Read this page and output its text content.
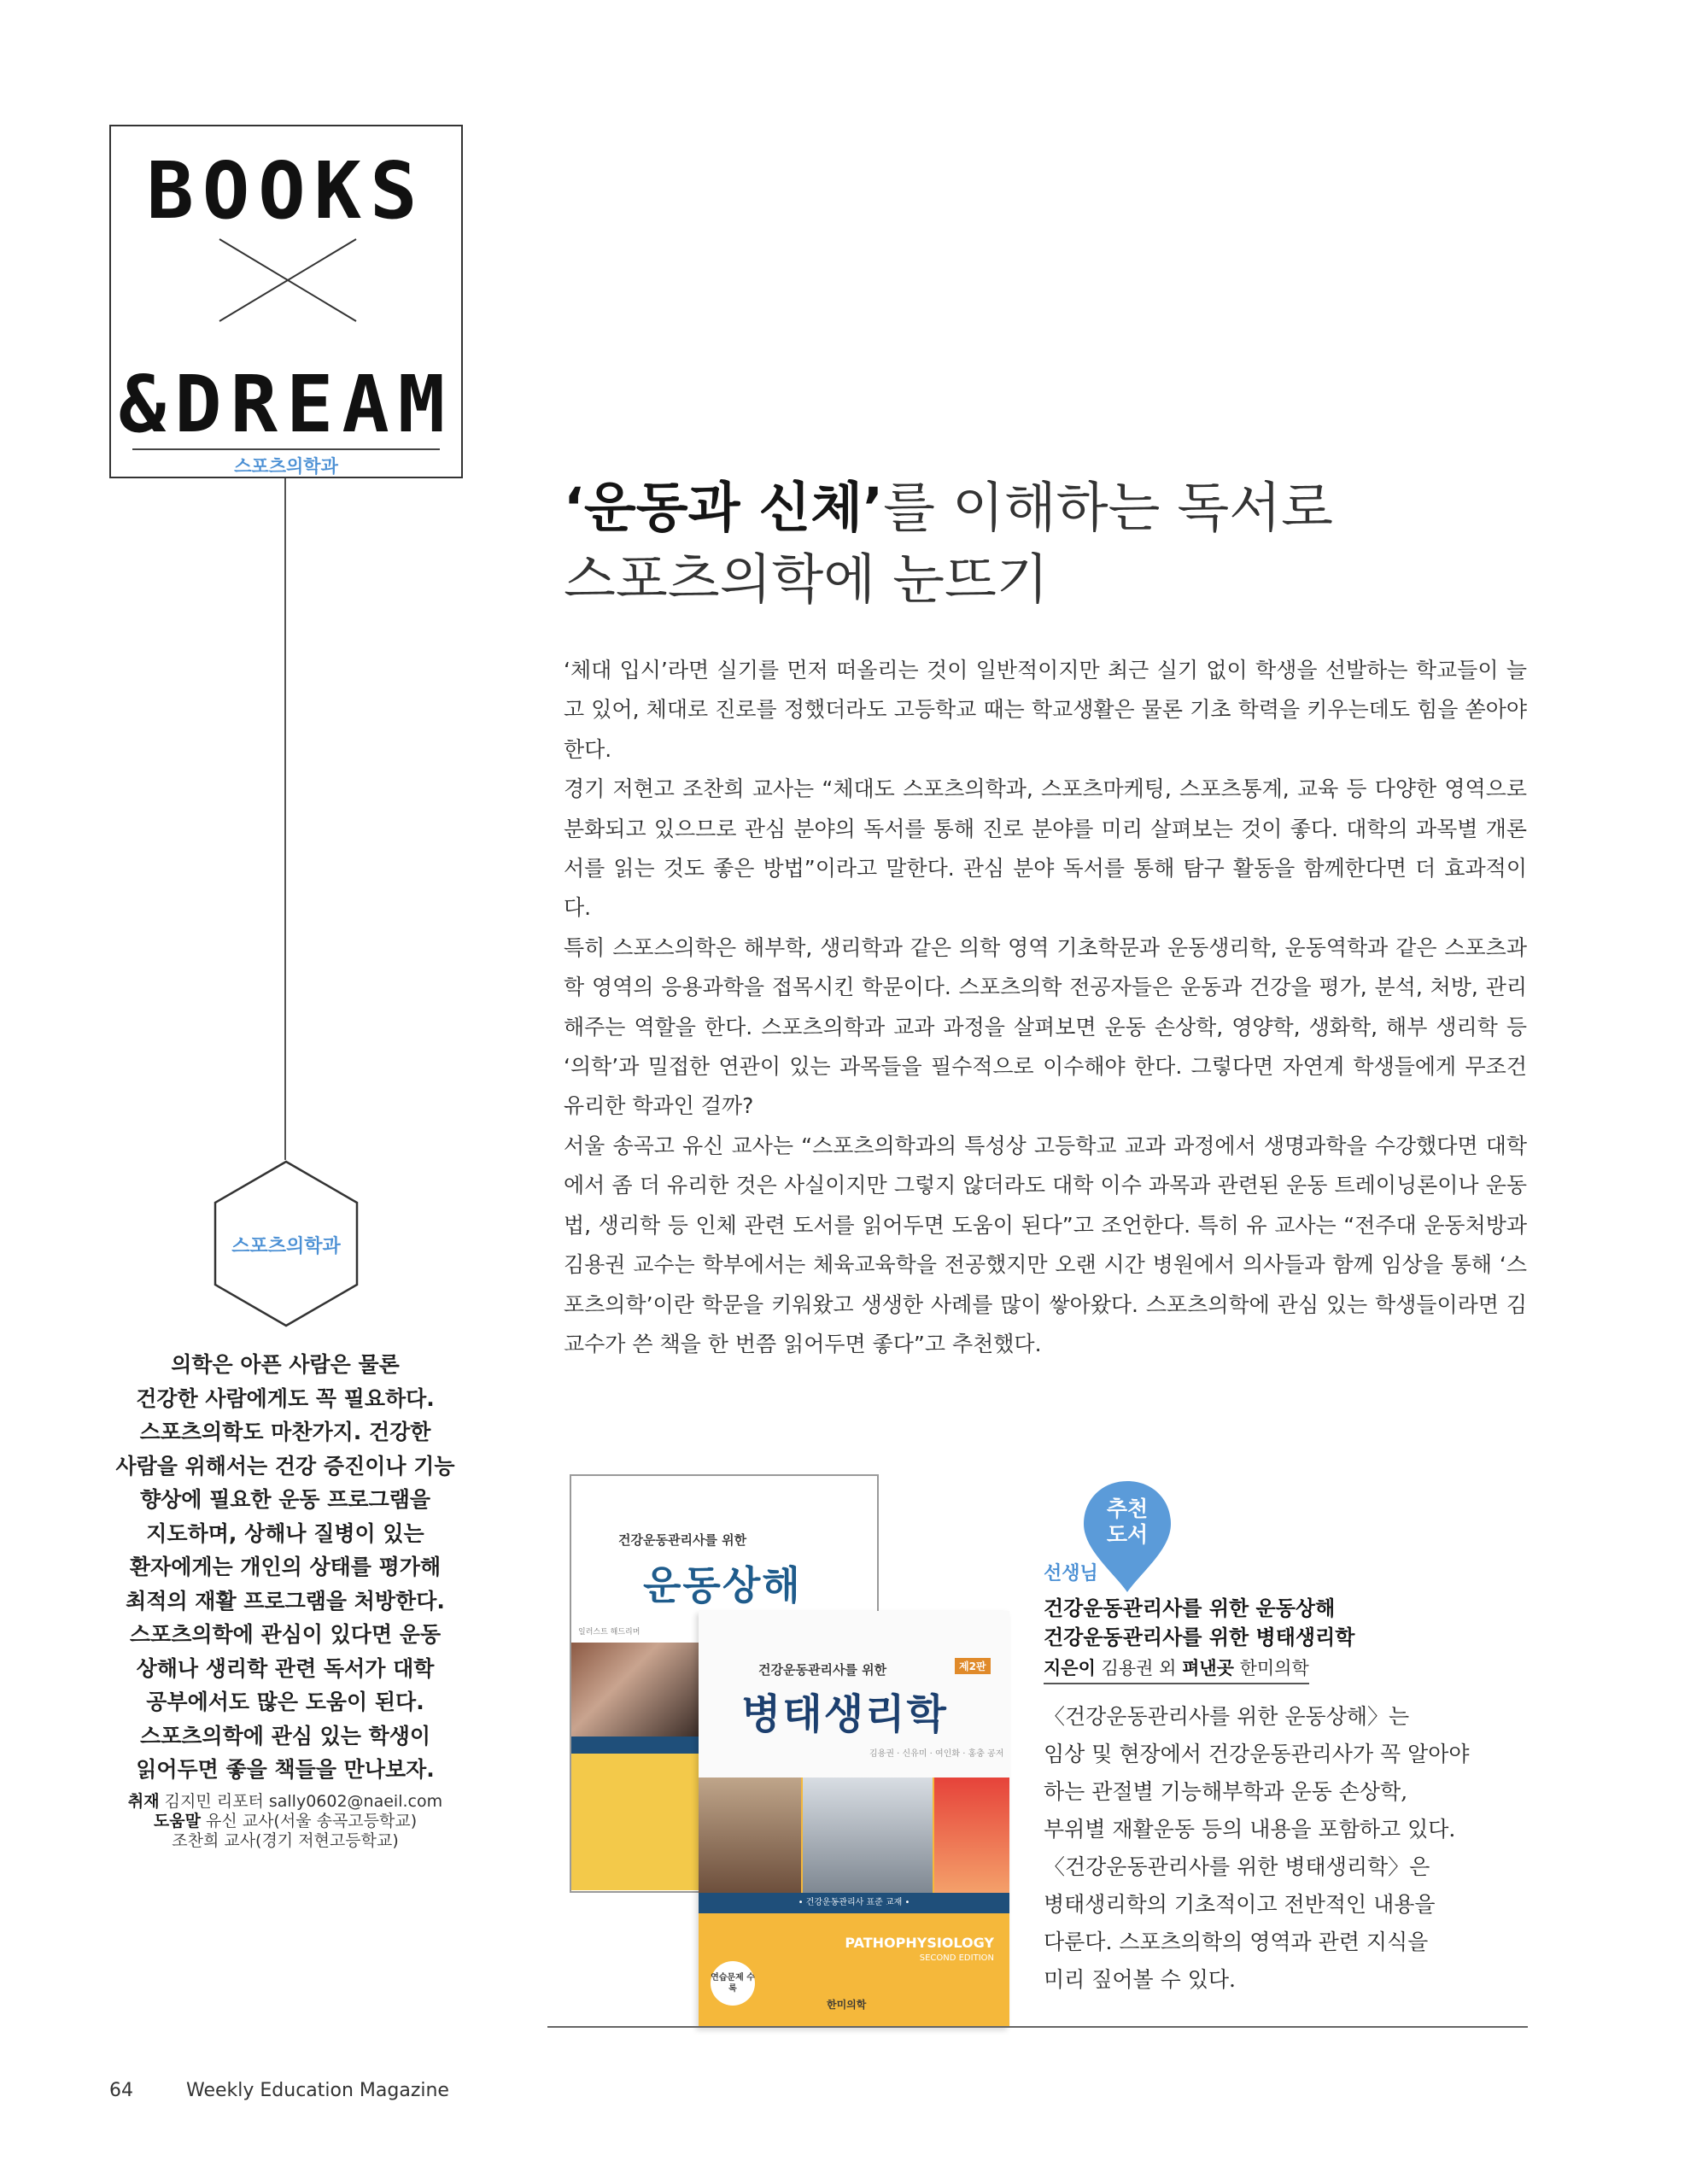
BOOKS
&DREAM
스포츠의학과
스포츠의학과
의학은 아픈 사람은 물론
건강한 사람에게도 꼭 필요하다.
스포츠의학도 마찬가지. 건강한
사람을 위해서는 건강 증진이나 기능
향상에 필요한 운동 프로그램을
지도하며, 상해나 질병이 있는
환자에게는 개인의 상태를 평가해
최적의 재활 프로그램을 처방한다.
스포츠의학에 관심이 있다면 운동
상해나 생리학 관련 독서가 대학
공부에서도 많은 도움이 된다.
스포츠의학에 관심 있는 학생이
읽어두면 좋을 책들을 만나보자.
취재 김지민 리포터 sally0602@naeil.com
도움말 유신 교사(서울 송곡고등학교)
조찬희 교사(경기 저현고등학교)
‘운동과 신체’를 이해하는 독서로
스포츠의학에 눈뜨기

‘체대 입시’라면 실기를 먼저 떠올리는 것이 일반적이지만 최근 실기 없이 학생을 선발하는 학교들이 늘고 있어, 체대로 진로를 정했더라도 고등학교 때는 학교생활은 물론 기초 학력을 키우는데도 힘을 쏟아야 한다.

경기 저현고 조찬희 교사는 “체대도 스포츠의학과, 스포츠마케팅, 스포츠통계, 교육 등 다양한 영역으로 분화되고 있으므로 관심 분야의 독서를 통해 진로 분야를 미리 살펴보는 것이 좋다. 대학의 과목별 개론서를 읽는 것도 좋은 방법”이라고 말한다. 관심 분야 독서를 통해 탐구 활동을 함께한다면 더 효과적이다.

특히 스포스의학은 해부학, 생리학과 같은 의학 영역 기초학문과 운동생리학, 운동역학과 같은 스포츠과학 영역의 응용과학을 접목시킨 학문이다. 스포츠의학 전공자들은 운동과 건강을 평가, 분석, 처방, 관리해주는 역할을 한다. 스포츠의학과 교과 과정을 살펴보면 운동 손상학, 영양학, 생화학, 해부 생리학 등 ‘의학’과 밀접한 연관이 있는 과목들을 필수적으로 이수해야 한다. 그렇다면 자연계 학생들에게 무조건 유리한 학과인 걸까?

서울 송곡고 유신 교사는 “스포츠의학과의 특성상 고등학교 교과 과정에서 생명과학을 수강했다면 대학에서 좀 더 유리한 것은 사실이지만 그렇지 않더라도 대학 이수 과목과 관련된 운동 트레이닝론이나 운동법, 생리학 등 인체 관련 도서를 읽어두면 도움이 된다”고 조언한다. 특히 유 교사는 “전주대 운동처방과 김용권 교수는 학부에서는 체육교육학을 전공했지만 오랜 시간 병원에서 의사들과 함께 임상을 통해 ‘스포츠의학’이란 학문을 키워왔고 생생한 사례를 많이 쌓아왔다. 스포츠의학에 관심 있는 학생들이라면 김 교수가 쓴 책을 한 번쯤 읽어두면 좋다”고 추천했다.

건강운동관리사를 위한
운동상해
일러스트 해드리머
건강운동관리사를 위한	제2판
병태생리학
김용권 · 신유미 · 여인화 · 홍충 공저
• 건강운동관리사 표준 교재 •
PATHOPHYSIOLOGY
SECOND EDITION
연습문제 수록
한미의학
추천
도서
선생님
건강운동관리사를 위한 운동상해
건강운동관리사를 위한 병태생리학
지은이 김용권 외 펴낸곳 한미의학

〈건강운동관리사를 위한 운동상해〉는

임상 및 현장에서 건강운동관리사가 꼭 알아야

하는 관절별 기능해부학과 운동 손상학,

부위별 재활운동 등의 내용을 포함하고 있다.

〈건강운동관리사를 위한 병태생리학〉은

병태생리학의 기초적이고 전반적인 내용을

다룬다. 스포츠의학의 영역과 관련 지식을

미리 짚어볼 수 있다.

64	Weekly Education Magazine
